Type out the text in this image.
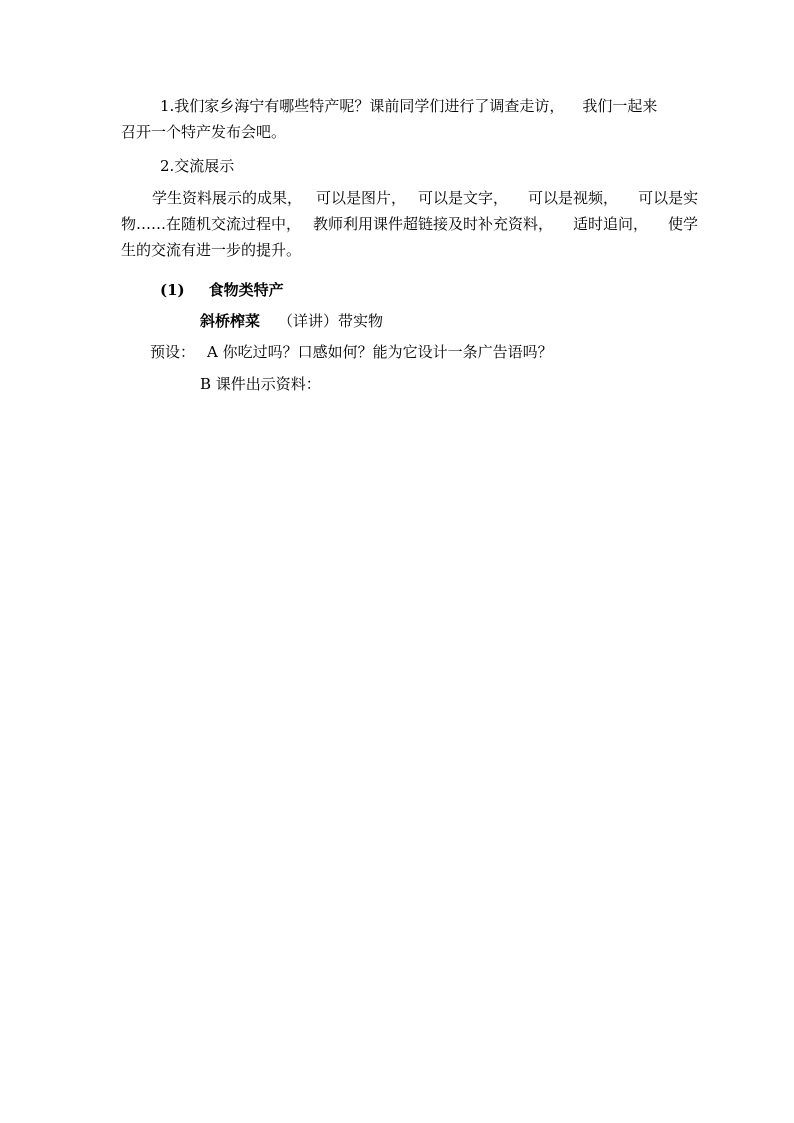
1.我们家乡海宁有哪些特产呢？课前同学们进行了调查走访， 我们一起来
召开一个特产发布会吧。
2.交流展示
学生资料展示的成果， 可以是图片， 可以是文字， 可以是视频， 可以是实
物……在随机交流过程中， 教师利用课件超链接及时补充资料， 适时追问， 使学
生的交流有进一步的提升。
(1) 食物类特产
斜桥榨菜 （详讲）带实物
预设： A 你吃过吗？口感如何？能为它设计一条广告语吗？
B 课件出示资料：
